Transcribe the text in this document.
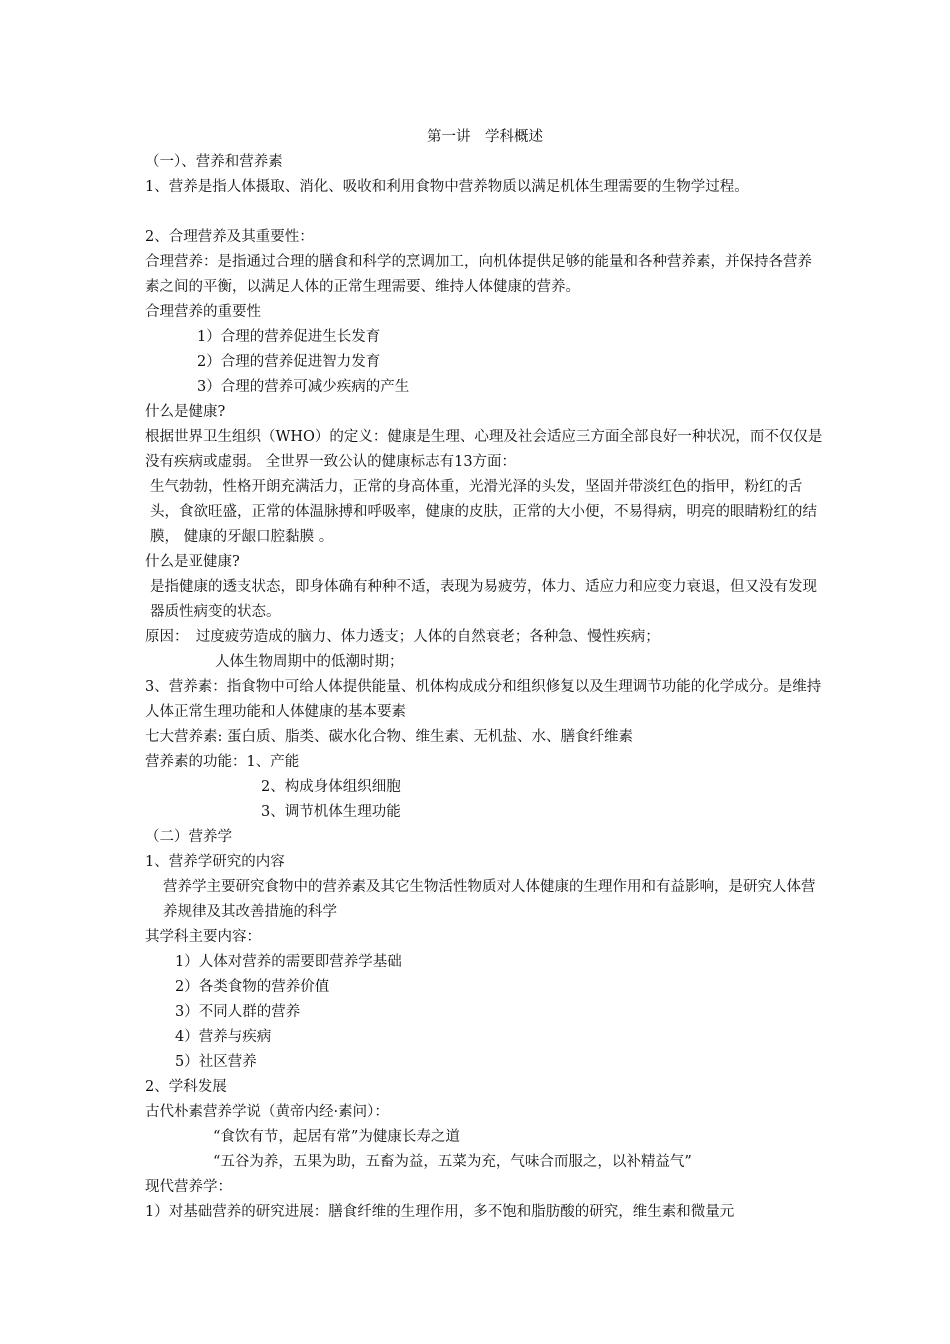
第一讲　学科概述
（一）、营养和营养素
1、营养是指人体摄取、消化、吸收和利用食物中营养物质以满足机体生理需要的生物学过程。
2、合理营养及其重要性：
合理营养：是指通过合理的膳食和科学的烹调加工，向机体提供足够的能量和各种营养素，并保持各营养素之间的平衡，以满足人体的正常生理需要、维持人体健康的营养。
合理营养的重要性
1）合理的营养促进生长发育
2）合理的营养促进智力发育
3）合理的营养可减少疾病的产生
什么是健康?
根据世界卫生组织（WHO）的定义：健康是生理、心理及社会适应三方面全部良好一种状况，而不仅仅是没有疾病或虚弱。 全世界一致公认的健康标志有13方面：
生气勃勃，性格开朗充满活力，正常的身高体重，光滑光泽的头发，坚固并带淡红色的指甲，粉红的舌头，食欲旺盛，正常的体温脉搏和呼吸率，健康的皮肤，正常的大小便，不易得病，明亮的眼睛粉红的结膜， 健康的牙龈口腔黏膜 。
什么是亚健康?
是指健康的透支状态，即身体确有种种不适，表现为易疲劳，体力、适应力和应变力衰退，但又没有发现器质性病变的状态。
原因：　过度疲劳造成的脑力、体力透支；人体的自然衰老；各种急、慢性疾病；
人体生物周期中的低潮时期；
3、营养素：指食物中可给人体提供能量、机体构成成分和组织修复以及生理调节功能的化学成分。是维持人体正常生理功能和人体健康的基本要素
七大营养素: 蛋白质、脂类、碳水化合物、维生素、无机盐、水、膳食纤维素
营养素的功能：1、产能
2、构成身体组织细胞
3、调节机体生理功能
（二）营养学
1、营养学研究的内容
营养学主要研究食物中的营养素及其它生物活性物质对人体健康的生理作用和有益影响，是研究人体营养规律及其改善措施的科学
其学科主要内容：
1）人体对营养的需要即营养学基础
2）各类食物的营养价值
3）不同人群的营养
4）营养与疾病
5）社区营养
2、学科发展
古代朴素营养学说（黄帝内经·素问）：
“食饮有节，起居有常”为健康长寿之道
“五谷为养，五果为助，五畜为益，五菜为充，气味合而服之，以补精益气”
现代营养学：
1）对基础营养的研究进展：膳食纤维的生理作用，多不饱和脂肪酸的研究，维生素和微量元
